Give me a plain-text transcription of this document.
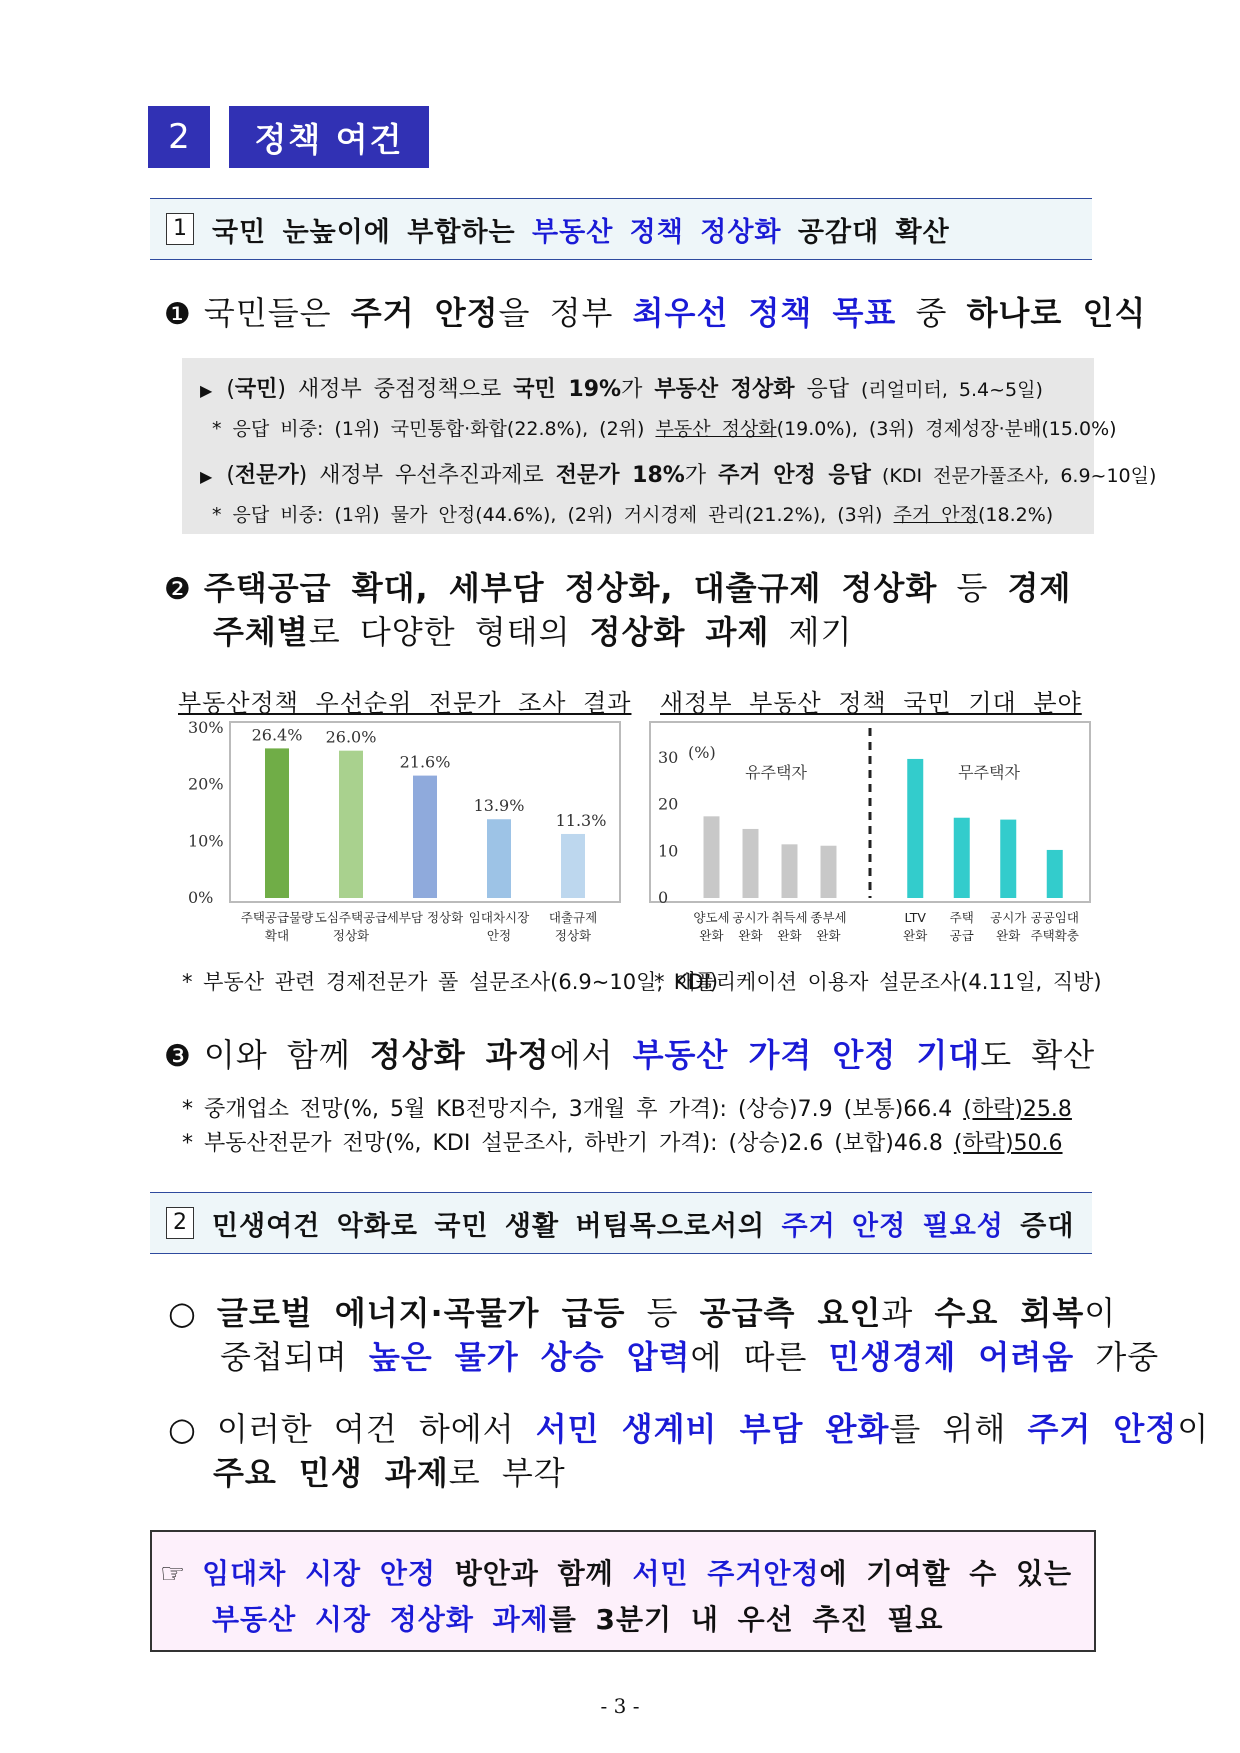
2	정책 여건
1 국민 눈높이에 부합하는 부동산 정책 정상화 공감대 확산
❶ 국민들은 주거 안정을 정부 최우선 정책 목표 중 하나로 인식
▶ (국민) 새정부 중점정책으로 국민 19%가 부동산 정상화 응답 (리얼미터, 5.4~5일)
* 응답 비중: (1위) 국민통합·화합(22.8%), (2위) 부동산 정상화(19.0%), (3위) 경제성장·분배(15.0%)
▶ (전문가) 새정부 우선추진과제로 전문가 18%가 주거 안정 응답 (KDI 전문가풀조사, 6.9~10일)
* 응답 비중: (1위) 물가 안정(44.6%), (2위) 거시경제 관리(21.2%), (3위) 주거 안정(18.2%)
❷ 주택공급 확대, 세부담 정상화, 대출규제 정상화 등 경제
주체별로 다양한 형태의 정상화 과제 제기
부동산정책 우선순위 전문가 조사 결과 새정부 부동산 정책 국민 기대 분야
0%
10%
20%
30% 26.4%
주택공급물량
확대
26.0%
도심주택공급
정상화
21.6%
세부담 정상화
13.9%
임대차시장
안정
11.3%
대출규제
정상화
0
10
20
30 (%)
유주택자
양도세
완화
공시가
완화
취득세
완화
종부세
완화
무주택자
LTV
완화
주택
공급
공시가
완화
공공임대
주택확충
* 부동산 관련 경제전문가 풀 설문조사(6.9~10일, KDI)
* 애플리케이션 이용자 설문조사(4.11일, 직방)
❸ 이와 함께 정상화 과정에서 부동산 가격 안정 기대도 확산
* 중개업소 전망(%, 5월 KB전망지수, 3개월 후 가격): (상승)7.9 (보통)66.4 (하락)25.8
* 부동산전문가 전망(%, KDI 설문조사, 하반기 가격): (상승)2.6 (보합)46.8 (하락)50.6
2 민생여건 악화로 국민 생활 버팀목으로서의 주거 안정 필요성 증대
○ 글로벌 에너지·곡물가 급등 등 공급측 요인과 수요 회복이
중첩되며 높은 물가 상승 압력에 따른 민생경제 어려움 가중
○ 이러한 여건 하에서 서민 생계비 부담 완화를 위해 주거 안정이
주요 민생 과제로 부각
☞ 임대차 시장 안정 방안과 함께 서민 주거안정에 기여할 수 있는
부동산 시장 정상화 과제를 3분기 내 우선 추진 필요
- 3 -
